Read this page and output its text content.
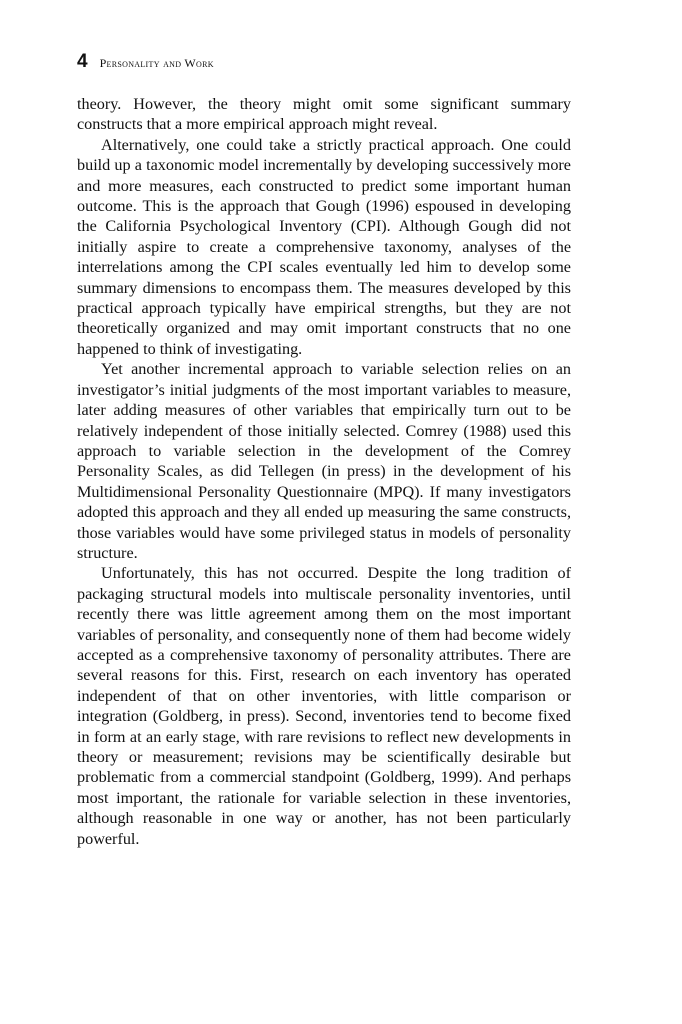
4 Personality and Work

theory. However, the theory might omit some significant summary constructs that a more empirical approach might reveal.

Alternatively, one could take a strictly practical approach. One could build up a taxonomic model incrementally by developing successively more and more measures, each constructed to predict some important human outcome. This is the approach that Gough (1996) espoused in developing the California Psychological Inventory (CPI). Although Gough did not initially aspire to create a comprehensive taxonomy, analyses of the interrelations among the CPI scales eventually led him to develop some summary dimensions to encompass them. The measures developed by this practical approach typically have empirical strengths, but they are not theoretically organized and may omit important constructs that no one happened to think of investigating.

Yet another incremental approach to variable selection relies on an investigator’s initial judgments of the most important variables to measure, later adding measures of other variables that empirically turn out to be relatively independent of those initially selected. Comrey (1988) used this approach to variable selection in the development of the Comrey Personality Scales, as did Tellegen (in press) in the development of his Multidimensional Personality Questionnaire (MPQ). If many investigators adopted this approach and they all ended up measuring the same constructs, those variables would have some privileged status in models of personality structure.

Unfortunately, this has not occurred. Despite the long tradition of packaging structural models into multiscale personality inventories, until recently there was little agreement among them on the most important variables of personality, and consequently none of them had become widely accepted as a comprehensive taxonomy of personality attributes. There are several reasons for this. First, research on each inventory has operated independent of that on other inventories, with little comparison or integration (Goldberg, in press). Second, inventories tend to become fixed in form at an early stage, with rare revisions to reflect new developments in theory or measurement; revisions may be scientifically desirable but problematic from a commercial standpoint (Goldberg, 1999). And perhaps most important, the rationale for variable selection in these inventories, although reasonable in one way or another, has not been particularly powerful.
